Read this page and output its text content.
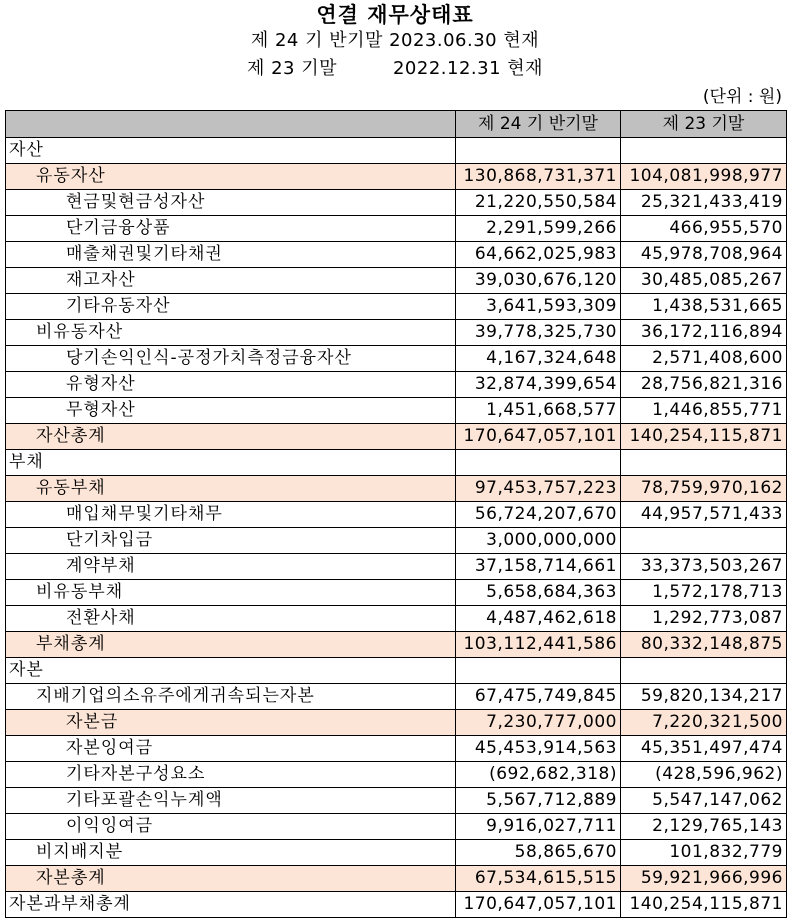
연결 재무상태표
제 24 기 반기말 2023.06.30 현재
제 23 기말	2022.12.31 현재
(단위 : 원)
	제 24 기 반기말	제 23 기말
자산		
유동자산	130,868,731,371	104,081,998,977
현금및현금성자산	21,220,550,584	25,321,433,419
단기금융상품	2,291,599,266	466,955,570
매출채권및기타채권	64,662,025,983	45,978,708,964
재고자산	39,030,676,120	30,485,085,267
기타유동자산	3,641,593,309	1,438,531,665
비유동자산	39,778,325,730	36,172,116,894
당기손익인식-공정가치측정금융자산	4,167,324,648	2,571,408,600
유형자산	32,874,399,654	28,756,821,316
무형자산	1,451,668,577	1,446,855,771
자산총계	170,647,057,101	140,254,115,871
부채		
유동부채	97,453,757,223	78,759,970,162
매입채무및기타채무	56,724,207,670	44,957,571,433
단기차입금	3,000,000,000	
계약부채	37,158,714,661	33,373,503,267
비유동부채	5,658,684,363	1,572,178,713
전환사채	4,487,462,618	1,292,773,087
부채총계	103,112,441,586	80,332,148,875
자본		
지배기업의소유주에게귀속되는자본	67,475,749,845	59,820,134,217
자본금	7,230,777,000	7,220,321,500
자본잉여금	45,453,914,563	45,351,497,474
기타자본구성요소	(692,682,318)	(428,596,962)
기타포괄손익누계액	5,567,712,889	5,547,147,062
이익잉여금	9,916,027,711	2,129,765,143
비지배지분	58,865,670	101,832,779
자본총계	67,534,615,515	59,921,966,996
자본과부채총계	170,647,057,101	140,254,115,871
